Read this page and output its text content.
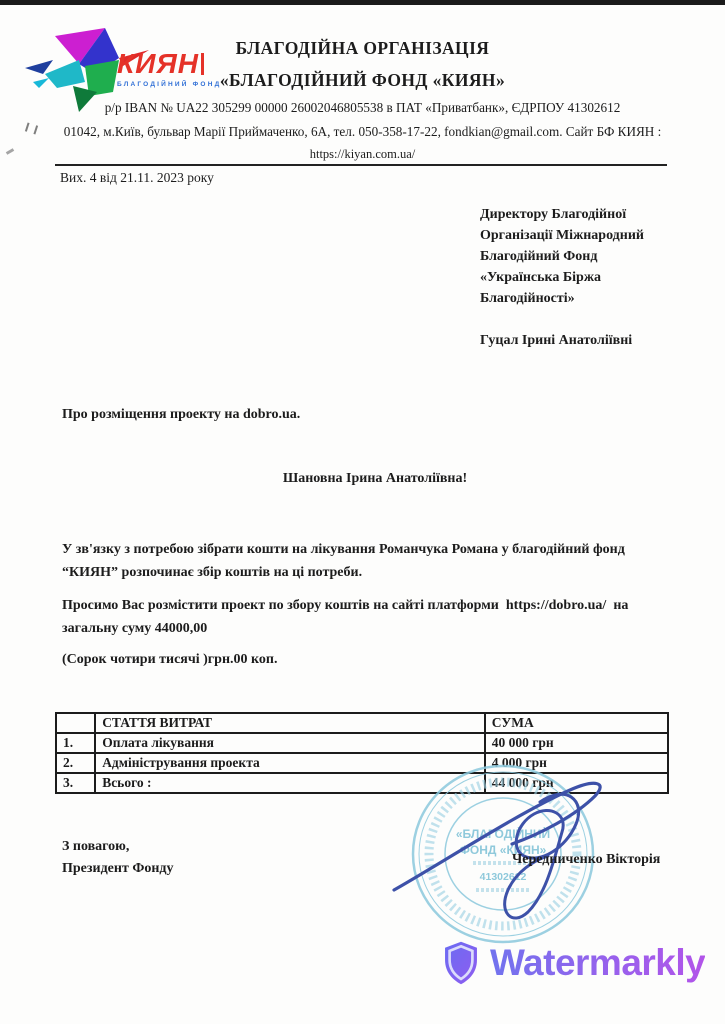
КИЯН
БЛАГОДІЙНИЙ ФОНД
БЛАГОДІЙНА ОРГАНІЗАЦІЯ
«БЛАГОДІЙНИЙ ФОНД «КИЯН»
р/р IBAN № UA22 305299 00000 26002046805538 в ПАТ «Приватбанк», ЄДРПОУ 41302612
01042, м.Київ, бульвар Марії Приймаченко, 6А, тел. 050-358-17-22, fondkian@gmail.com. Сайт БФ КИЯН :
https://kiyan.com.ua/
Вих. 4 від 21.11. 2023 року
Директору Благодійної
Організації Міжнародний
Благодійний Фонд
«Українська Біржа
Благодійності»
Гуцал Ірині Анатоліївні
Про розміщення проекту на dobro.ua.
Шановна Ірина Анатоліївна!
У зв'язку з потребою зібрати кошти на лікування Романчука Романа у благодійний фонд “КИЯН” розпочинає збір коштів на ці потреби.
Просимо Вас розмістити проект по збору коштів на сайті платформи  https://dobro.ua/  на загальну суму 44000,00
(Сорок чотири тисячі )грн.00 коп.
	СТАТТЯ ВИТРАТ	СУМА
1.	Оплата лікування	40 000 грн
2.	Адміністрування проекта	4 000 грн
3.	Всього :	44 000 грн
«БЛАГОДІЙНИЙ
ФОНД «КИЯН»
41302612
З повагою,
Президент Фонду
Чередниченко Вікторія
Watermarkly
